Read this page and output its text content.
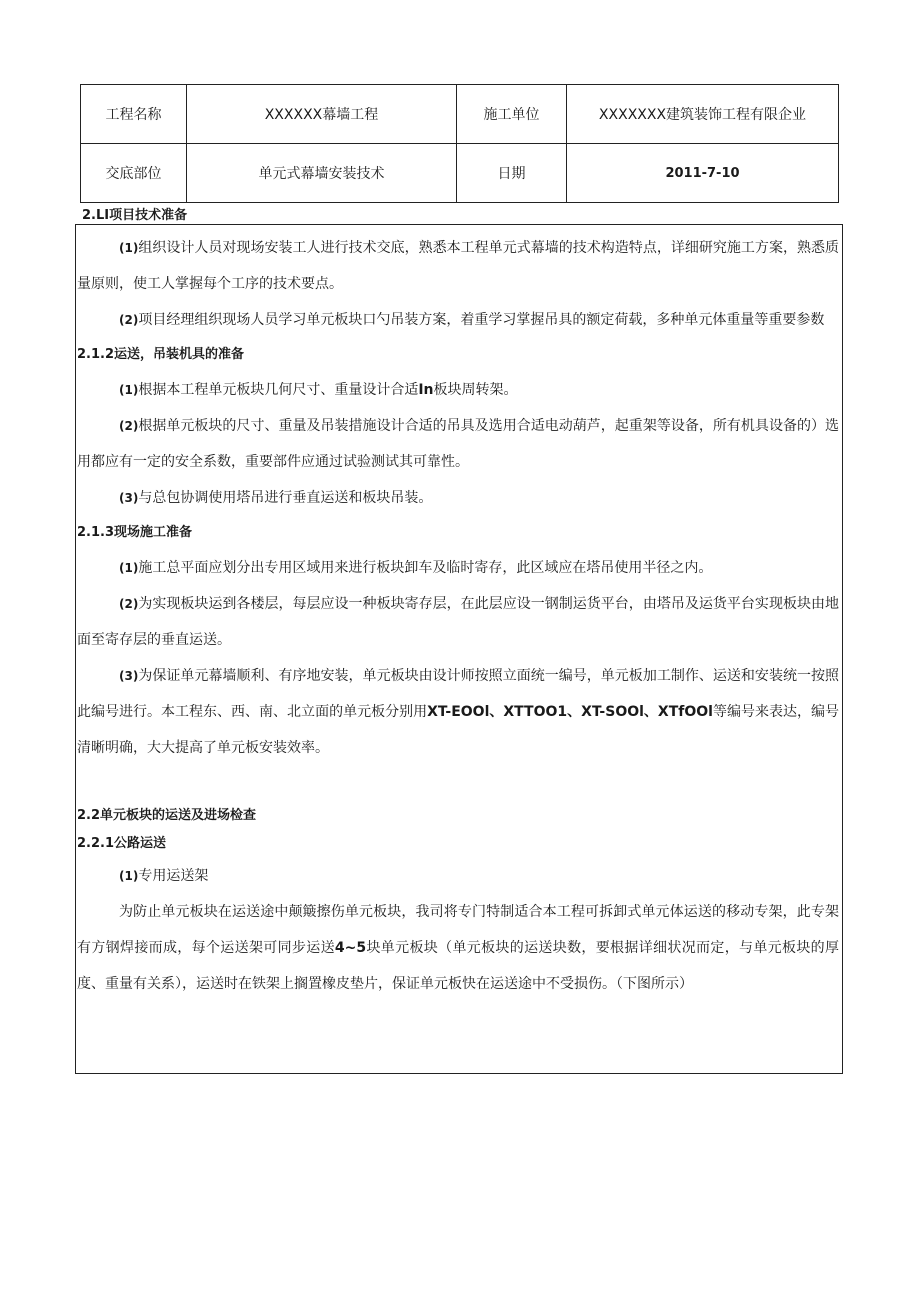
工程名称	XXXXXX幕墙工程	施工单位	XXXXXXX建筑装饰工程有限企业
交底部位	单元式幕墙安装技术	日期	2011-7-10
2.LI项目技术准备

(1)组织设计人员对现场安装工人进行技术交底，熟悉本工程单元式幕墙的技术构造特点，详细研究施工方案，熟悉质量原则，使工人掌握每个工序的技术要点。

(2)项目经理组织现场人员学习单元板块口勺吊装方案，着重学习掌握吊具的额定荷载，多种单元体重量等重要参数

2.1.2运送，吊装机具的准备

(1)根据本工程单元板块几何尺寸、重量设计合适In板块周转架。

(2)根据单元板块的尺寸、重量及吊装措施设计合适的吊具及选用合适电动葫芦，起重架等设备，所有机具设备的）选用都应有一定的安全系数，重要部件应通过试验测试其可靠性。

(3)与总包协调使用塔吊进行垂直运送和板块吊装。

2.1.3现场施工准备

(1)施工总平面应划分出专用区域用来进行板块卸车及临时寄存，此区域应在塔吊使用半径之内。

(2)为实现板块运到各楼层，每层应设一种板块寄存层，在此层应设一钢制运货平台，由塔吊及运货平台实现板块由地面至寄存层的垂直运送。

(3)为保证单元幕墙顺利、有序地安装，单元板块由设计师按照立面统一编号，单元板加工制作、运送和安装统一按照此编号进行。本工程东、西、南、北立面的单元板分别用XT-EOOl、XTTOO1、XT-SOOl、XTfOOl等编号来表达，编号清晰明确，大大提高了单元板安装效率。

2.2单元板块的运送及进场检查

2.2.1公路运送

(1)专用运送架

为防止单元板块在运送途中颠簸擦伤单元板块，我司将专门特制适合本工程可拆卸式单元体运送的移动专架，此专架有方钢焊接而成，每个运送架可同步运送4~5块单元板块（单元板块的运送块数，要根据详细状况而定，与单元板块的厚度、重量有关系），运送时在铁架上搁置橡皮垫片，保证单元板快在运送途中不受损伤。（下图所示）
